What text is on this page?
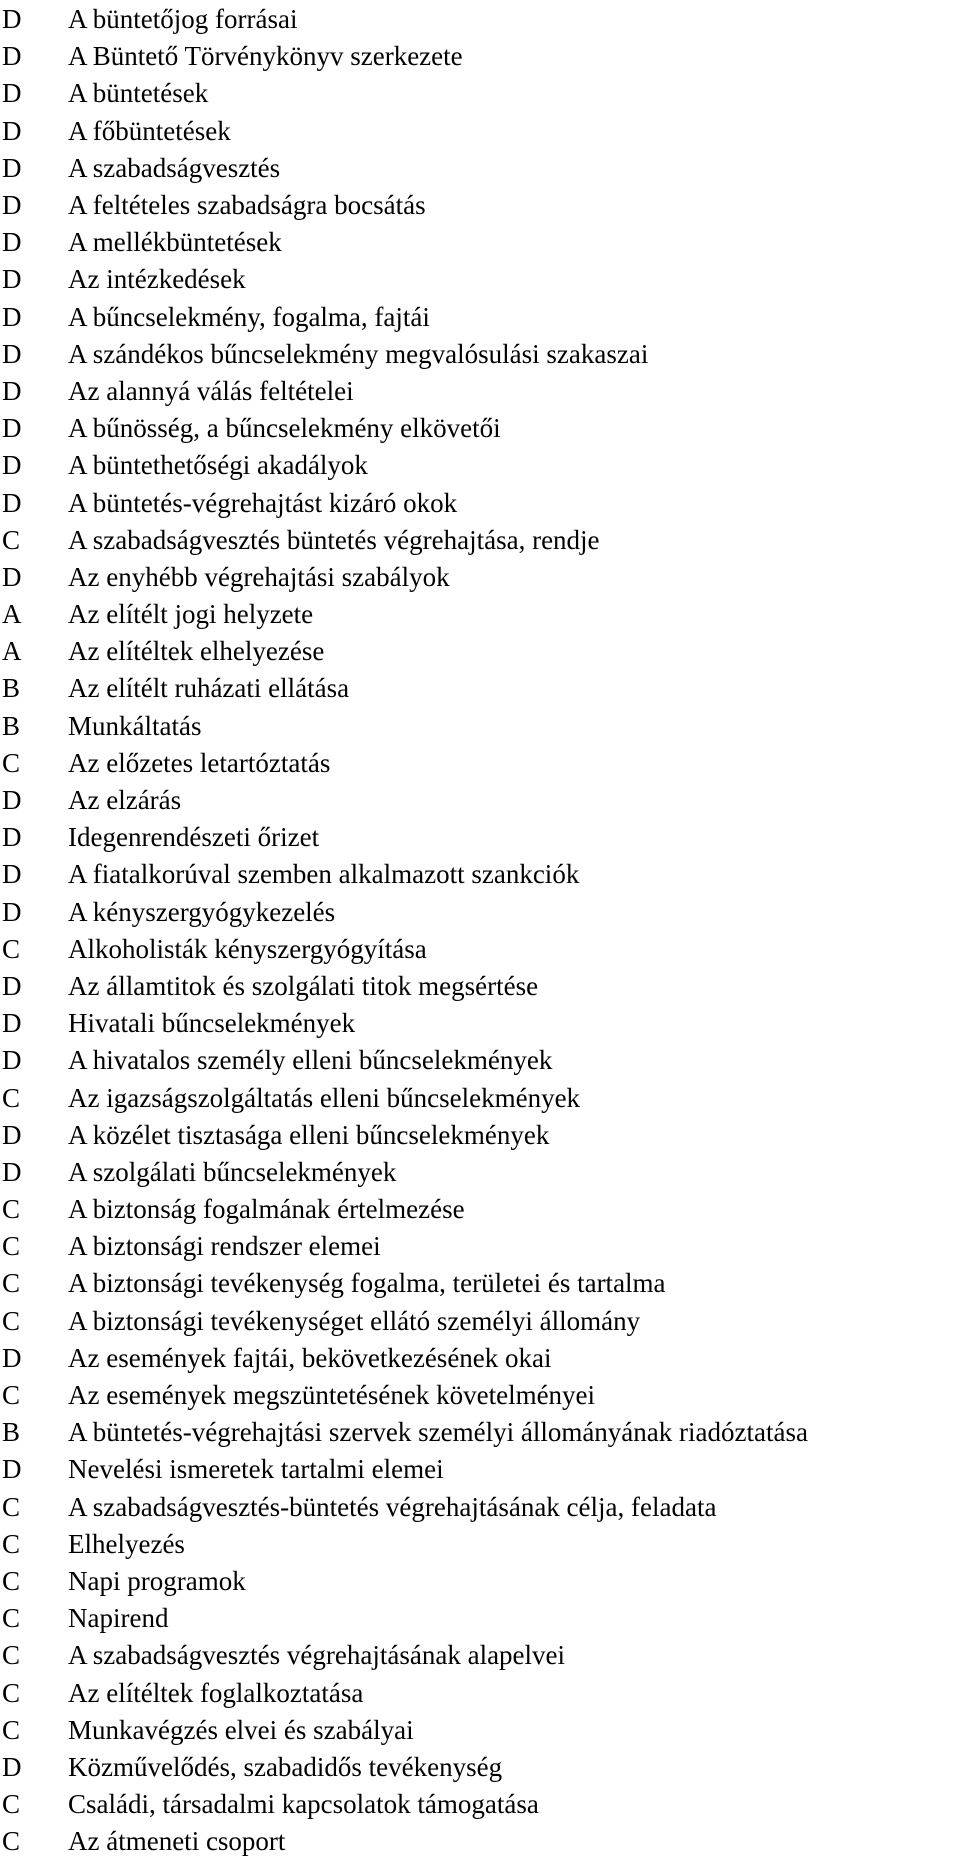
D	A büntetőjog forrásai
D	A Büntető Törvénykönyv szerkezete
D	A büntetések
D	A főbüntetések
D	A szabadságvesztés
D	A feltételes szabadságra bocsátás
D	A mellékbüntetések
D	Az intézkedések
D	A bűncselekmény, fogalma, fajtái
D	A szándékos bűncselekmény megvalósulási szakaszai
D	Az alannyá válás feltételei
D	A bűnösség, a bűncselekmény elkövetői
D	A büntethetőségi akadályok
D	A büntetés-végrehajtást kizáró okok
C	A szabadságvesztés büntetés végrehajtása, rendje
D	Az enyhébb végrehajtási szabályok
A	Az elítélt jogi helyzete
A	Az elítéltek elhelyezése
B	Az elítélt ruházati ellátása
B	Munkáltatás
C	Az előzetes letartóztatás
D	Az elzárás
D	Idegenrendészeti őrizet
D	A fiatalkorúval szemben alkalmazott szankciók
D	A kényszergyógykezelés
C	Alkoholisták kényszergyógyítása
D	Az államtitok és szolgálati titok megsértése
D	Hivatali bűncselekmények
D	A hivatalos személy elleni bűncselekmények
C	Az igazságszolgáltatás elleni bűncselekmények
D	A közélet tisztasága elleni bűncselekmények
D	A szolgálati bűncselekmények
C	A biztonság fogalmának értelmezése
C	A biztonsági rendszer elemei
C	A biztonsági tevékenység fogalma, területei és tartalma
C	A biztonsági tevékenységet ellátó személyi állomány
D	Az események fajtái, bekövetkezésének okai
C	Az események megszüntetésének követelményei
B	A büntetés-végrehajtási szervek személyi állományának riadóztatása
D	Nevelési ismeretek tartalmi elemei
C	A szabadságvesztés-büntetés végrehajtásának célja, feladata
C	Elhelyezés
C	Napi programok
C	Napirend
C	A szabadságvesztés végrehajtásának alapelvei
C	Az elítéltek foglalkoztatása
C	Munkavégzés elvei és szabályai
D	Közművelődés, szabadidős tevékenység
C	Családi, társadalmi kapcsolatok támogatása
C	Az átmeneti csoport
